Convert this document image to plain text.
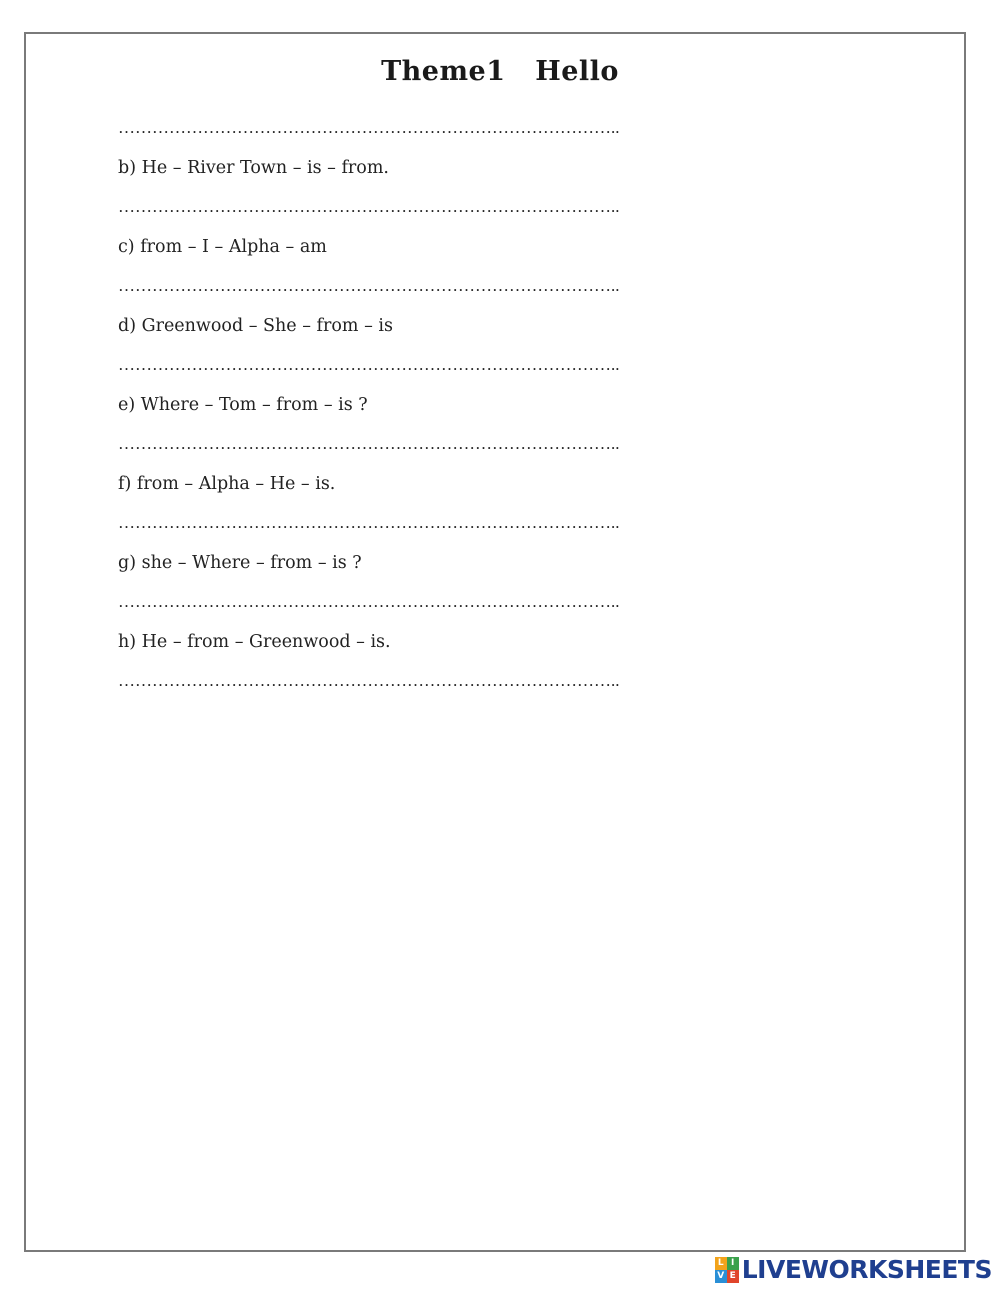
Theme1   Hello
……………………………………………………………………………..
b) He – River Town – is – from.
……………………………………………………………………………..
c) from – I – Alpha – am
……………………………………………………………………………..
d) Greenwood – She – from – is
……………………………………………………………………………..
e) Where – Tom – from – is ?
……………………………………………………………………………..
f) from – Alpha – He – is.
……………………………………………………………………………..
g) she – Where – from – is ?
……………………………………………………………………………..
h) He – from – Greenwood – is.
……………………………………………………………………………..
L I
V E LIVEWORKSHEETS
